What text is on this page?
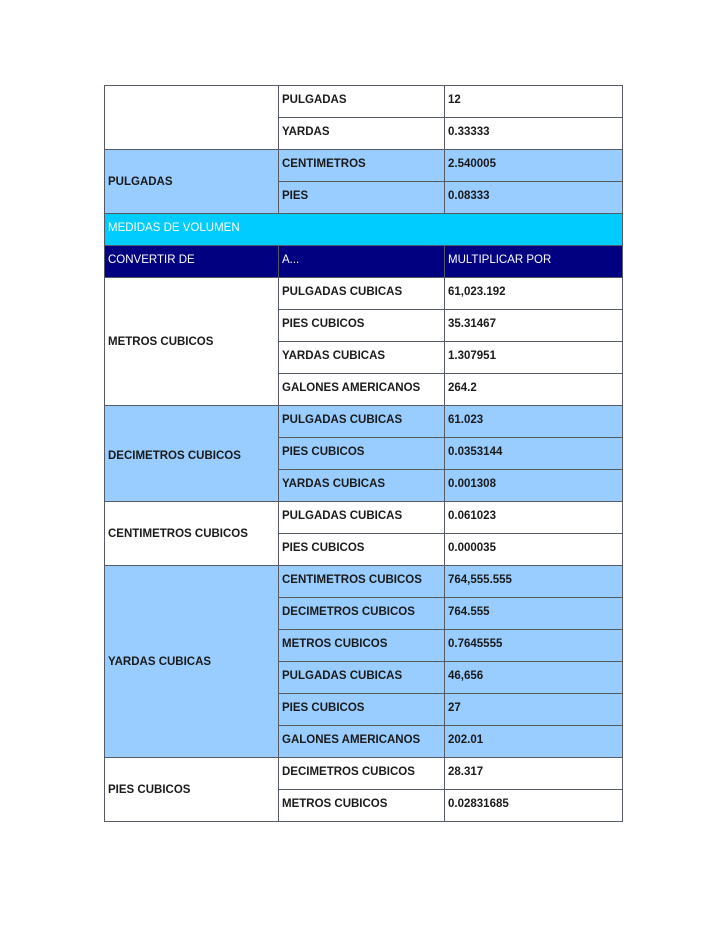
	PULGADAS	12
	YARDAS	0.33333
PULGADAS	CENTIMETROS	2.540005
	PIES	0.08333
MEDIDAS DE VOLUMEN		
CONVERTIR DE	A...	MULTIPLICAR POR
METROS CUBICOS	PULGADAS CUBICAS	61,023.192
	PIES CUBICOS	35.31467
	YARDAS CUBICAS	1.307951
	GALONES AMERICANOS	264.2
DECIMETROS CUBICOS	PULGADAS CUBICAS	61.023
	PIES CUBICOS	0.0353144
	YARDAS CUBICAS	0.001308
CENTIMETROS CUBICOS	PULGADAS CUBICAS	0.061023
	PIES CUBICOS	0.000035
YARDAS CUBICAS	CENTIMETROS CUBICOS	764,555.555
	DECIMETROS CUBICOS	764.555
	METROS CUBICOS	0.7645555
	PULGADAS CUBICAS	46,656
	PIES CUBICOS	27
	GALONES AMERICANOS	202.01
PIES CUBICOS	DECIMETROS CUBICOS	28.317
	METROS CUBICOS	0.02831685
